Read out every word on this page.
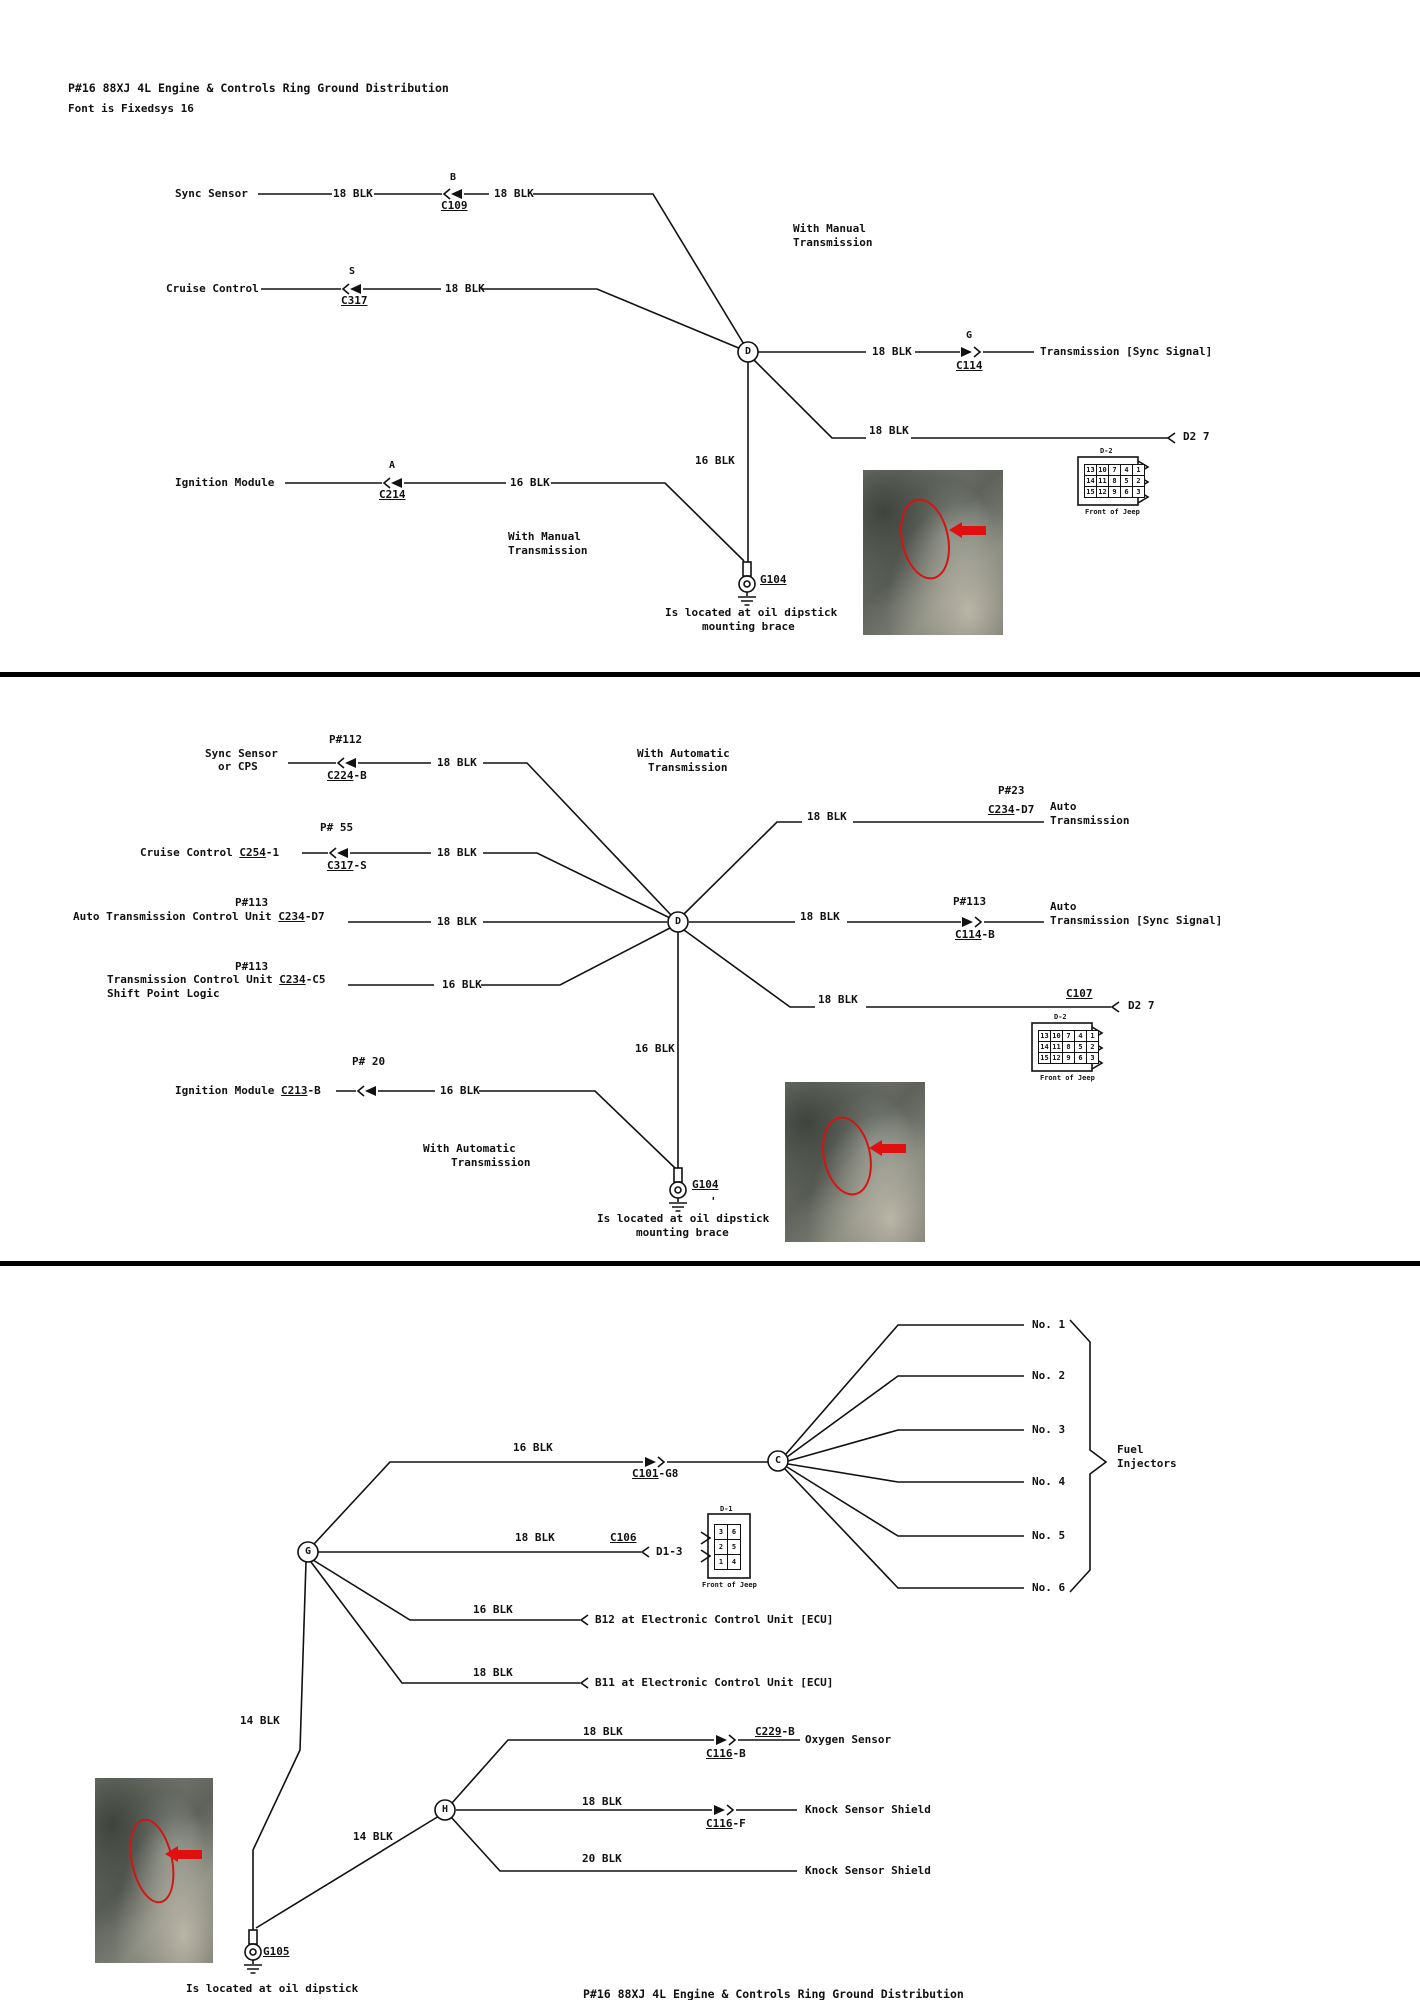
P#16 88XJ 4L Engine & Controls Ring Ground Distribution
Font is Fixedsys 16
Sync Sensor	18 BLK
B
C109
18 BLK
With Manual
Transmission
Cruise Control
S
C317
18 BLK
D	18 BLK
G
C114
Transmission [Sync Signal]
18 BLK	D2 7
16 BLK
Ignition Module
A
C214
16 BLK
With Manual
Transmission
G104
Is located at oil dipstick
mounting brace
D-2
13 10 7	4	1
14 11 8	5	2
15 12 9	6	3
Front of Jeep
Sync Sensor
or CPS
P#112
C224-B
18 BLK
With Automatic
Transmission
Cruise Control C254-1
P# 55
C317-S
18 BLK
P#113
Auto Transmission Control Unit C234-D7	18 BLK
P#113
Transmission Control Unit C234-C5
Shift Point Logic
16 BLK
D
18 BLK
P#23
C234-D7 Auto
Transmission
18 BLK
P#113
C114-B
Auto
Transmission [Sync Signal]
18 BLK	C107
D2 7
16 BLK
Ignition Module C213-B
P# 20
16 BLK
With Automatic
Transmission
G104
'
Is located at oil dipstick
mounting brace
D-2
13 10 7	4	1
14 11 8	5	2
15 12 9	6	3
Front of Jeep
G
C
H
16 BLK
C101-G8
18 BLK	C106
D1-3
No. 1
No. 2
No. 3
No. 4
No. 5
No. 6
Fuel
Injectors
16 BLK
B12 at Electronic Control Unit [ECU]
18 BLK
B11 at Electronic Control Unit [ECU]
14 BLK
14 BLK
18 BLK	C229-B
C116-B
Oxygen Sensor
18 BLK
C116-F
Knock Sensor Shield
20 BLK
Knock Sensor Shield
G105
Is located at oil dipstick	P#16 88XJ 4L Engine & Controls Ring Ground Distribution
D-1
3	6
2	5
1	4
Front of Jeep
